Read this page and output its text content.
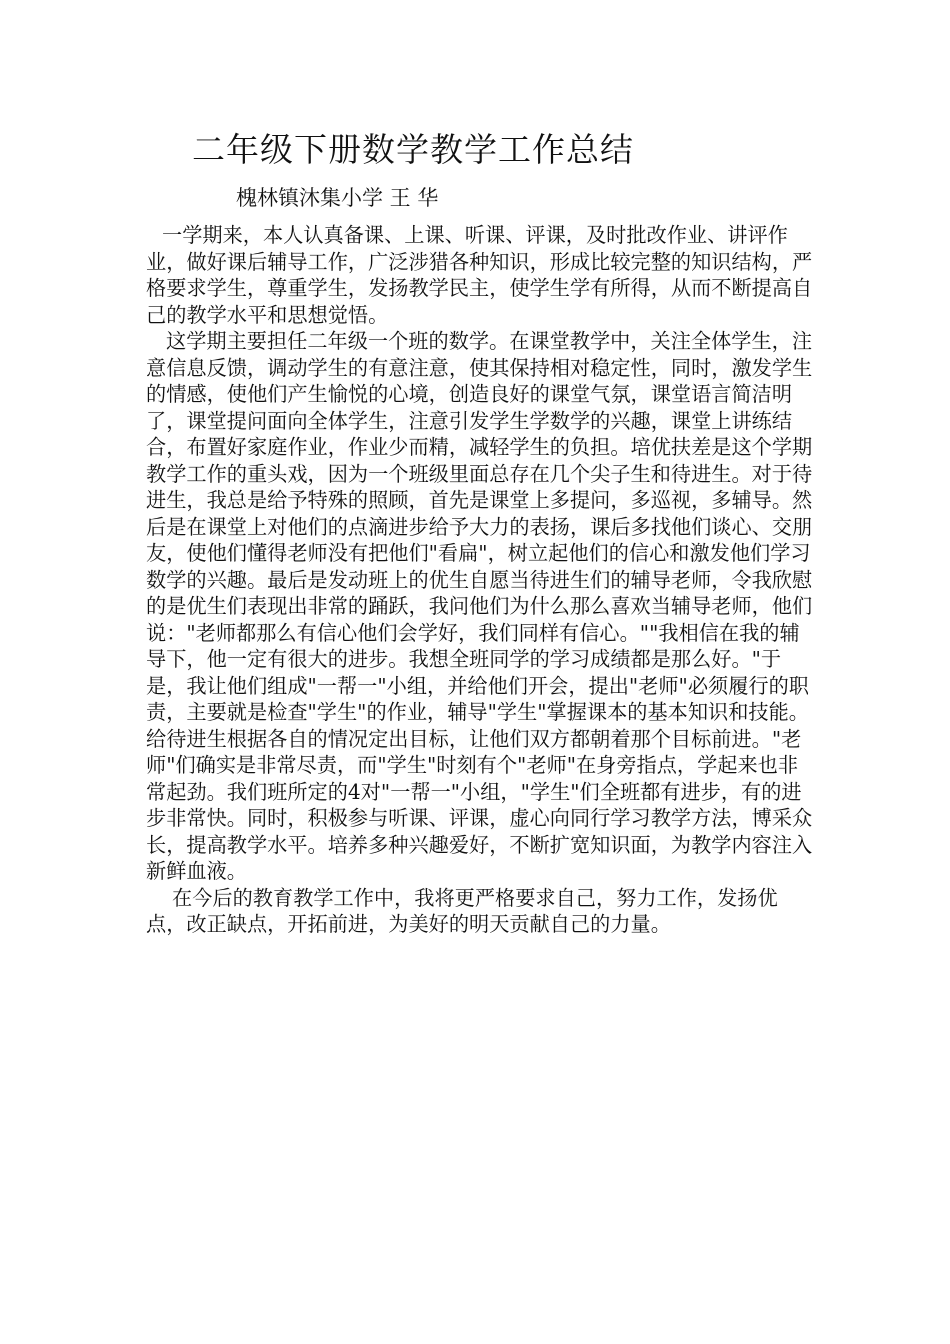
二年级下册数学教学工作总结
槐林镇沐集小学 王 华

一学期来，本人认真备课、上课、听课、评课，及时批改作业、讲评作业，做好课后辅导工作，广泛涉猎各种知识，形成比较完整的知识结构，严格要求学生，尊重学生，发扬教学民主，使学生学有所得，从而不断提高自己的教学水平和思想觉悟。

这学期主要担任二年级一个班的数学。在课堂教学中，关注全体学生，注意信息反馈，调动学生的有意注意，使其保持相对稳定性，同时，激发学生的情感，使他们产生愉悦的心境，创造良好的课堂气氛，课堂语言简洁明了，课堂提问面向全体学生，注意引发学生学数学的兴趣，课堂上讲练结合，布置好家庭作业，作业少而精，减轻学生的负担。培优扶差是这个学期教学工作的重头戏，因为一个班级里面总存在几个尖子生和待进生。对于待进生，我总是给予特殊的照顾，首先是课堂上多提问，多巡视，多辅导。然后是在课堂上对他们的点滴进步给予大力的表扬，课后多找他们谈心、交朋友，使他们懂得老师没有把他们"看扁"，树立起他们的信心和激发他们学习数学的兴趣。最后是发动班上的优生自愿当待进生们的辅导老师，令我欣慰的是优生们表现出非常的踊跃，我问他们为什么那么喜欢当辅导老师，他们说："老师都那么有信心他们会学好，我们同样有信心。""我相信在我的辅导下，他一定有很大的进步。我想全班同学的学习成绩都是那么好。"于是，我让他们组成"一帮一"小组，并给他们开会，提出"老师"必须履行的职责，主要就是检查"学生"的作业，辅导"学生"掌握课本的基本知识和技能。给待进生根据各自的情况定出目标，让他们双方都朝着那个目标前进。"老师"们确实是非常尽责，而"学生"时刻有个"老师"在身旁指点，学起来也非常起劲。我们班所定的4对"一帮一"小组，"学生"们全班都有进步，有的进步非常快。同时，积极参与听课、评课，虚心向同行学习教学方法，博采众长，提高教学水平。培养多种兴趣爱好，不断扩宽知识面，为教学内容注入新鲜血液。

在今后的教育教学工作中，我将更严格要求自己，努力工作，发扬优点，改正缺点，开拓前进，为美好的明天贡献自己的力量。
